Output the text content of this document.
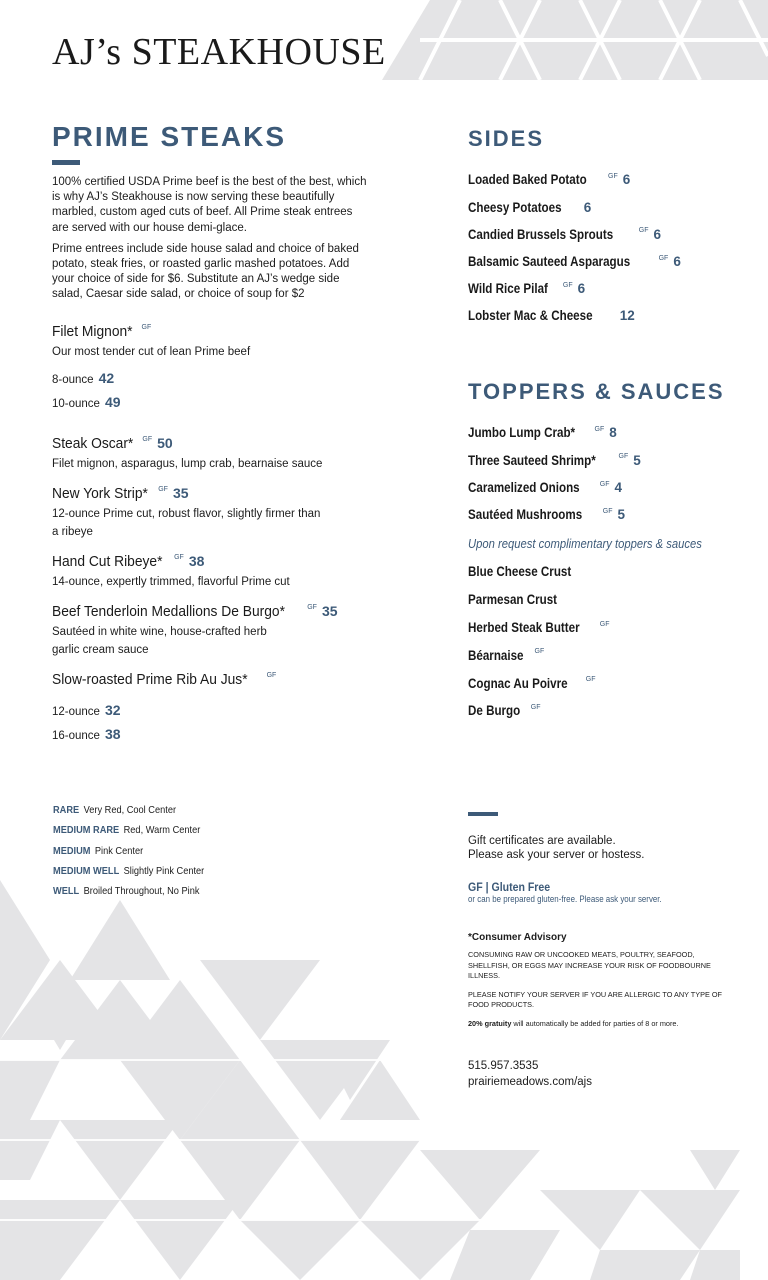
AJ’s STEAKHOUSE
PRIME STEAKS

100% certified USDA Prime beef is the best of the best, which is why AJ’s Steakhouse is now serving these beautifully marbled, custom aged cuts of beef. All Prime steak entrees are served with our house demi-glace.

Prime entrees include side house salad and choice of baked potato, steak fries, or roasted garlic mashed potatoes. Add your choice of side for $6. Substitute an AJ’s wedge side salad, Caesar side salad, or choice of soup for $2

Filet Mignon* $^{GF}$
Our most tender cut of lean Prime beef
8-ounce 42
10-ounce 49
Steak Oscar* $^{GF}$ 50
Filet mignon, asparagus, lump crab, bearnaise sauce
New York Strip* $^{GF}$ 35
12-ounce Prime cut, robust flavor, slightly firmer than a ribeye
Hand Cut Ribeye* $^{GF}$ 38
14-ounce, expertly trimmed, flavorful Prime cut
Beef Tenderloin Medallions De Burgo*	$^{GF}$ 35
Sautéed in white wine, house-crafted herb garlic cream sauce
Slow-roasted Prime Rib Au Jus*	$^{GF}$
12-ounce 32
16-ounce 38
SIDES
Loaded Baked Potato	$^{GF}$ 6
Cheesy Potatoes 6
Candied Brussels Sprouts	$^{GF}$ 6
Balsamic Sauteed Asparagus	$^{GF}$ 6
Wild Rice Pilaf $^{GF}$ 6
Lobster Mac & Cheese 12
TOPPERS & SAUCES
Jumbo Lump Crab*	$^{GF}$ 8
Three Sauteed Shrimp*	$^{GF}$ 5
Caramelized Onions	$^{GF}$ 4
Sautéed Mushrooms	$^{GF}$ 5
Upon request complimentary toppers & sauces
Blue Cheese Crust
Parmesan Crust
Herbed Steak Butter	$^{GF}$
Béarnaise $^{GF}$
Cognac Au Poivre	$^{GF}$
De Burgo $^{GF}$
RARE Very Red, Cool Center
MEDIUM RARE Red, Warm Center
MEDIUM Pink Center
MEDIUM WELL Slightly Pink Center
WELL Broiled Throughout, No Pink
Gift certificates are available.
Please ask your server or hostess.
GF | Gluten Free
or can be prepared gluten-free. Please ask your server.
*Consumer Advisory

CONSUMING RAW OR UNCOOKED MEATS, POULTRY, SEAFOOD, SHELLFISH, OR EGGS MAY INCREASE YOUR RISK OF FOODBOURNE ILLNESS.

PLEASE NOTIFY YOUR SERVER IF YOU ARE ALLERGIC TO ANY TYPE OF FOOD PRODUCTS.

20% gratuity will automatically be added for parties of 8 or more.

515.957.3535
prairiemeadows.com/ajs
